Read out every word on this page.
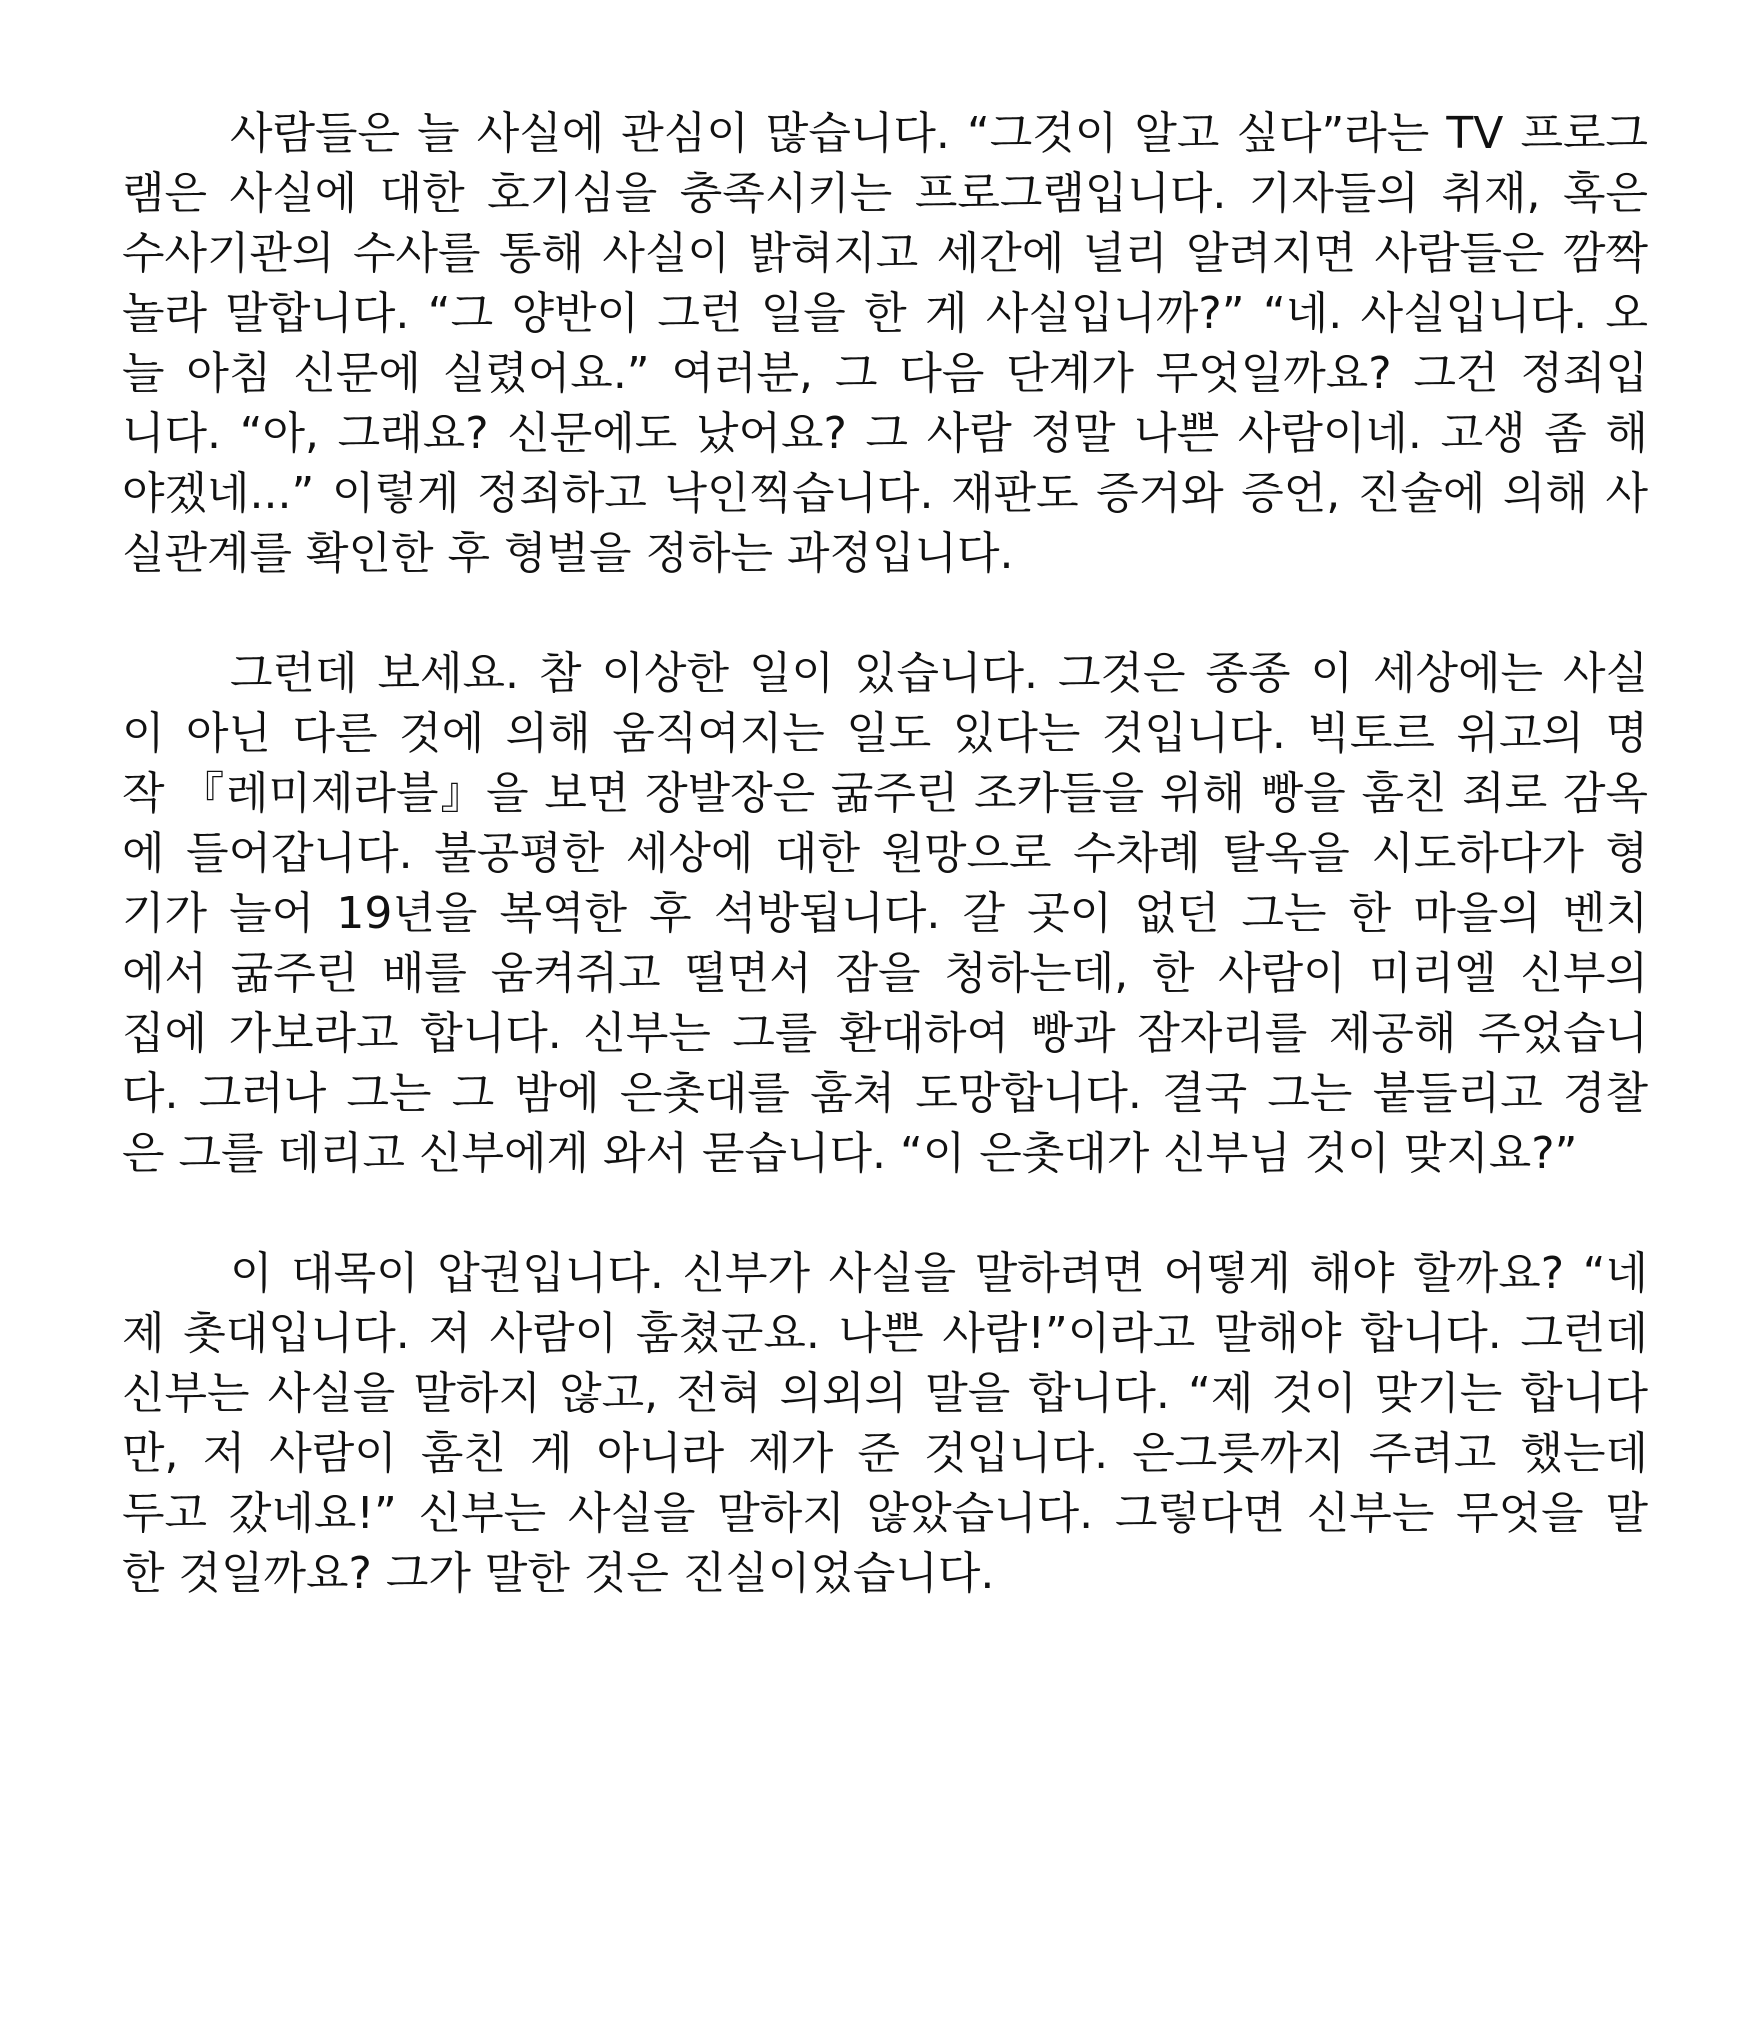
사람들은 늘 사실에 관심이 많습니다. “그것이 알고 싶다”라는 TV 프로그
램은 사실에 대한 호기심을 충족시키는 프로그램입니다. 기자들의 취재, 혹은
수사기관의 수사를 통해 사실이 밝혀지고 세간에 널리 알려지면 사람들은 깜짝
놀라 말합니다. “그 양반이 그런 일을 한 게 사실입니까?” “네. 사실입니다. 오
늘 아침 신문에 실렸어요.” 여러분, 그 다음 단계가 무엇일까요? 그건 정죄입
니다. “아, 그래요? 신문에도 났어요? 그 사람 정말 나쁜 사람이네. 고생 좀 해
야겠네...” 이렇게 정죄하고 낙인찍습니다. 재판도 증거와 증언, 진술에 의해 사
실관계를 확인한 후 형벌을 정하는 과정입니다.
그런데 보세요. 참 이상한 일이 있습니다. 그것은 종종 이 세상에는 사실
이 아닌 다른 것에 의해 움직여지는 일도 있다는 것입니다. 빅토르 위고의 명
작 『레미제라블』을 보면 장발장은 굶주린 조카들을 위해 빵을 훔친 죄로 감옥
에 들어갑니다. 불공평한 세상에 대한 원망으로 수차례 탈옥을 시도하다가 형
기가 늘어 19년을 복역한 후 석방됩니다. 갈 곳이 없던 그는 한 마을의 벤치
에서 굶주린 배를 움켜쥐고 떨면서 잠을 청하는데, 한 사람이 미리엘 신부의
집에 가보라고 합니다. 신부는 그를 환대하여 빵과 잠자리를 제공해 주었습니
다. 그러나 그는 그 밤에 은촛대를 훔쳐 도망합니다. 결국 그는 붙들리고 경찰
은 그를 데리고 신부에게 와서 묻습니다. “이 은촛대가 신부님 것이 맞지요?”
이 대목이 압권입니다. 신부가 사실을 말하려면 어떻게 해야 할까요? “네
제 촛대입니다. 저 사람이 훔쳤군요. 나쁜 사람!”이라고 말해야 합니다. 그런데
신부는 사실을 말하지 않고, 전혀 의외의 말을 합니다. “제 것이 맞기는 합니다
만, 저 사람이 훔친 게 아니라 제가 준 것입니다. 은그릇까지 주려고 했는데
두고 갔네요!” 신부는 사실을 말하지 않았습니다. 그렇다면 신부는 무엇을 말
한 것일까요? 그가 말한 것은 진실이었습니다.
